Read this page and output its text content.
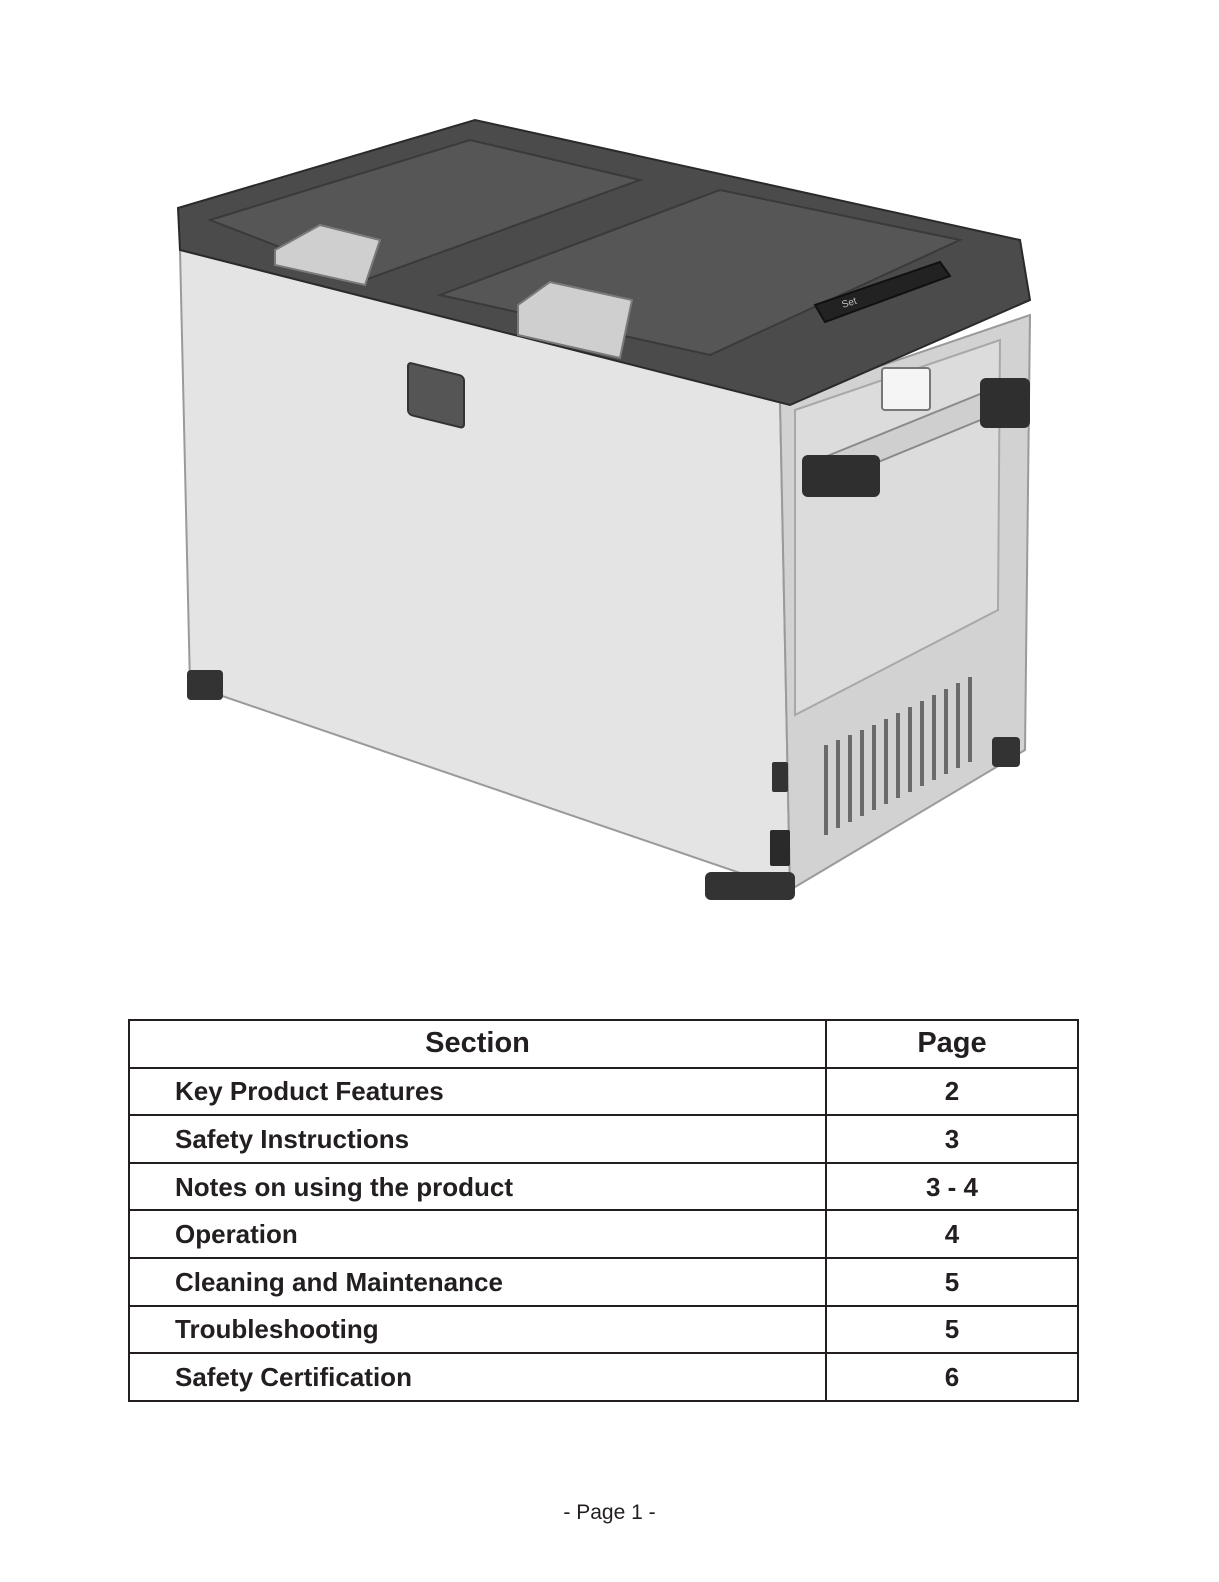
Set
Section	Page
Key Product Features	2
Safety Instructions	3
Notes on using the product	3 - 4
Operation	4
Cleaning and Maintenance	5
Troubleshooting	5
Safety Certification	6
- Page 1 -
